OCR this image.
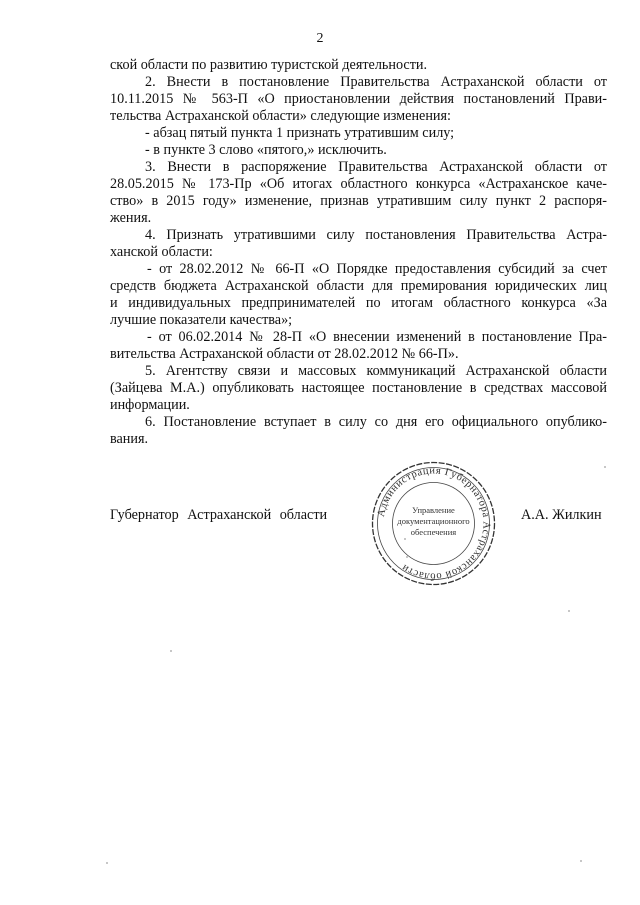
2
ской области по развитию туристской деятельности.
2. Внести в постановление Правительства Астраханской области от
10.11.2015 № 563-П «О приостановлении действия постановлений Прави-
тельства Астраханской области» следующие изменения:
- абзац пятый пункта 1 признать утратившим силу;
- в пункте 3 слово «пятого,» исключить.
3. Внести в распоряжение Правительства Астраханской области от
28.05.2015 № 173-Пр «Об итогах областного конкурса «Астраханское каче-
ство» в 2015 году» изменение, признав утратившим силу пункт 2 распоря-
жения.
4. Признать утратившими силу постановления Правительства Астра-
ханской области:
- от 28.02.2012 № 66-П «О Порядке предоставления субсидий за счет
средств бюджета Астраханской области для премирования юридических лиц
и индивидуальных предпринимателей по итогам областного конкурса «За
лучшие показатели качества»;
- от 06.02.2014 № 28-П «О внесении изменений в постановление Пра-
вительства Астраханской области от 28.02.2012 № 66-П».
5. Агентству связи и массовых коммуникаций Астраханской области
(Зайцева М.А.) опубликовать настоящее постановление в средствах массовой
информации.
6. Постановление вступает в силу со дня его официального опублико-
вания.
Губернатор Астраханской области	Администрация Губернатора Астраханской области
Управление
документационного
обеспечения
А.А. Жилкин
